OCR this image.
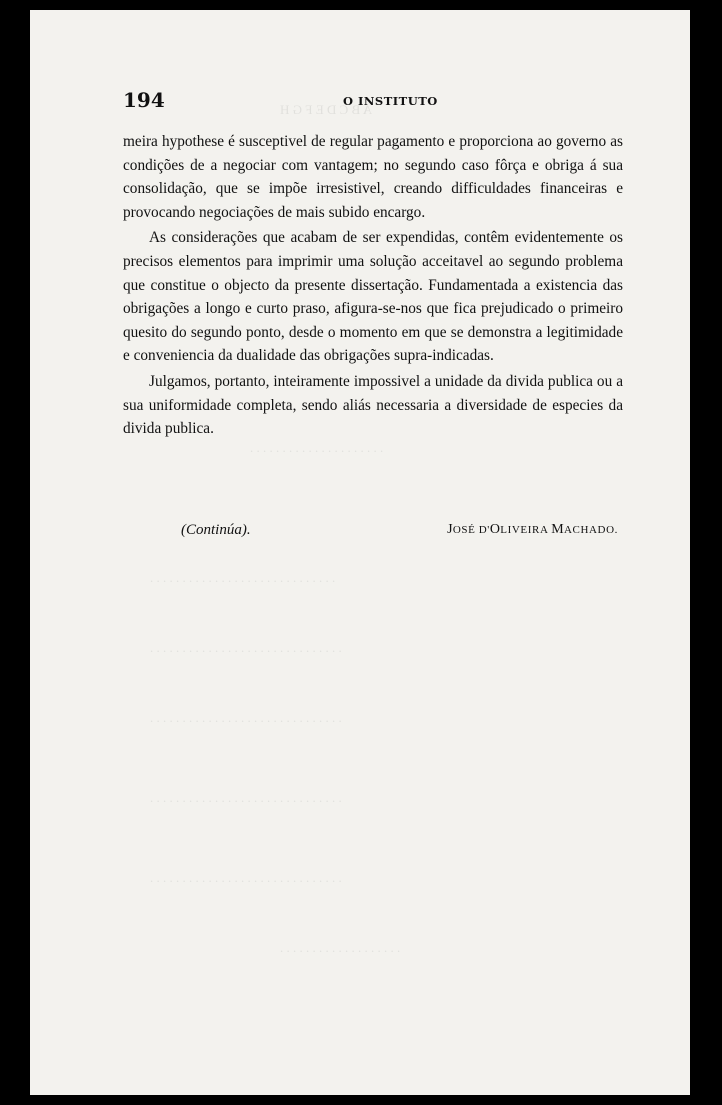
A B C D E F G H
. . . . . . . . . . . . . . . . . . . . .
. . . . . . . . . . . . . . . . . . . . . . . . . . . . .
. . . . . . . . . . . . . . . . . . . . . . . . . . . . . .
. . . . . . . . . . . . . . . . . . . . . . . . . . . . . .
. . . . . . . . . . . . . . . . . . . . . . . . . . . . . .
. . . . . . . . . . . . . . . . . . . . . . . . . . . . . .
. . . . . . . . . . . . . . . . . . .
194	O INSTITUTO

meira hypothese é susceptivel de regular pagamento e proporciona ao governo as condições de a negociar com vantagem; no segundo caso fôrça e obriga á sua consolidação, que se impõe irresistivel, creando difficuldades financeiras e provocando negociações de mais subido encargo.

As considerações que acabam de ser expendidas, contêm evidentemente os precisos elementos para imprimir uma solução acceitavel ao segundo problema que constitue o objecto da presente dissertação. Fundamentada a existencia das obrigações a longo e curto praso, afigura-se-nos que fica prejudicado o primeiro quesito do segundo ponto, desde o momento em que se demonstra a legitimidade e conveniencia da dualidade das obrigações supra-indicadas.

Julgamos, portanto, inteiramente impossivel a unidade da divida publica ou a sua uniformidade completa, sendo aliás necessaria a diversidade de especies da divida publica.

(Continúa).	JOSÉ D'OLIVEIRA MACHADO.
